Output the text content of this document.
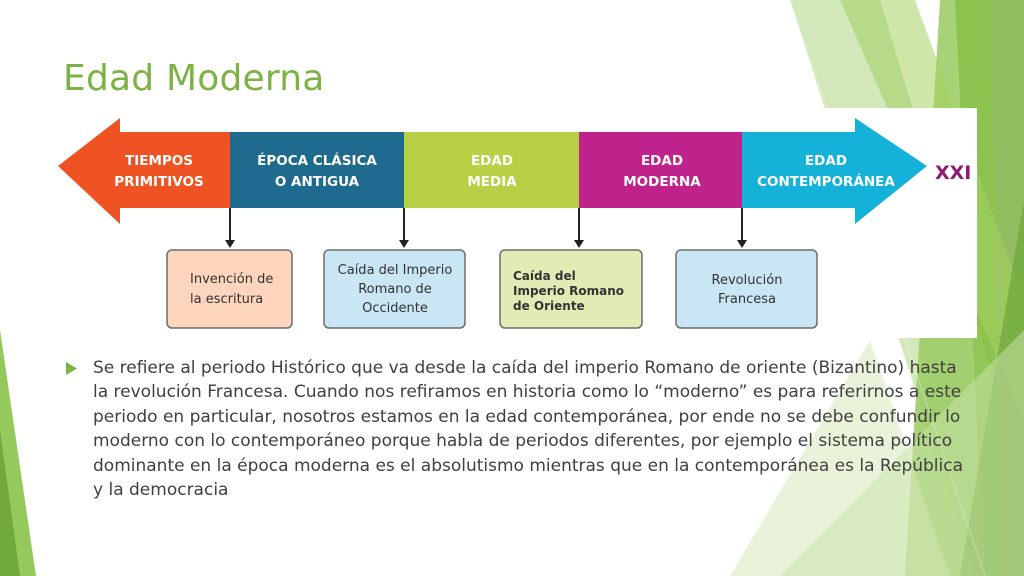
Edad Moderna
TIEMPOS
PRIMITIVOS
ÉPOCA CLÁSICA
O ANTIGUA
EDAD
MEDIA
EDAD
MODERNA
EDAD
CONTEMPORÁNEA XXI
Invención de
la escritura
Caída del Imperio
Romano de
Occidente
Caída del
Imperio Romano
de Oriente
Revolución
Francesa
Se refiere al periodo Histórico que va desde la caída del imperio Romano de oriente (Bizantino) hasta la revolución Francesa. Cuando nos refiramos en historia como lo “moderno” es para referirnos a este periodo en particular, nosotros estamos en la edad contemporánea, por ende no se debe confundir lo moderno con lo contemporáneo porque habla de periodos diferentes, por ejemplo el sistema político dominante en la época moderna es el absolutismo mientras que en la contemporánea es la República y la democracia
